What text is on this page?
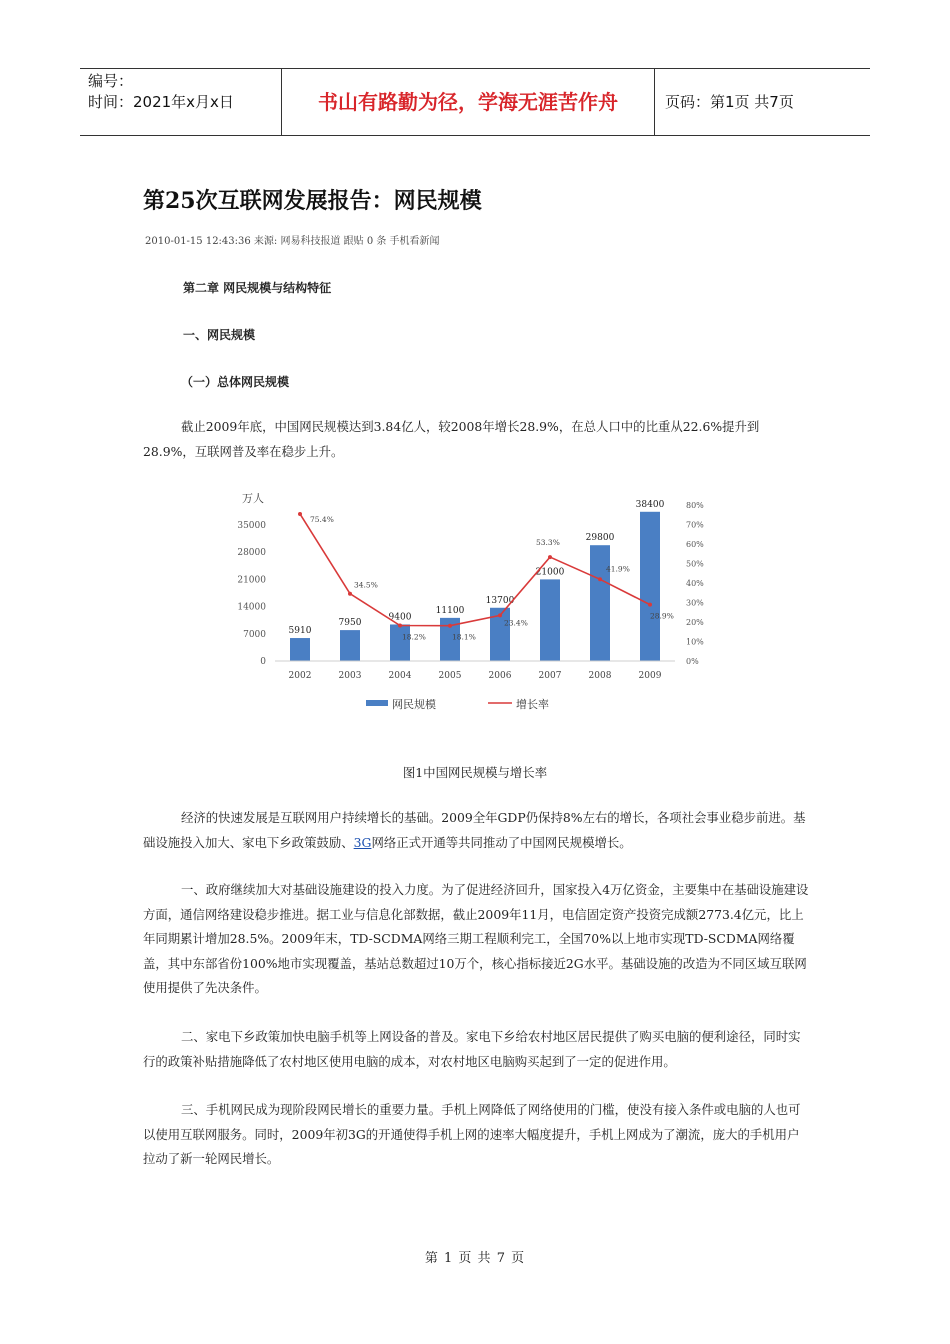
编号：
时间：2021年x月x日	书山有路勤为径，学海无涯苦作舟	页码：第1页 共7页
第25次互联网发展报告：网民规模
2010-01-15 12:43:36 来源: 网易科技报道 跟贴 0 条 手机看新闻
第二章 网民规模与结构特征
一、网民规模
（一）总体网民规模

截止2009年底，中国网民规模达到3.84亿人，较2008年增长28.9%，在总人口中的比重从22.6%提升到28.9%，互联网普及率在稳步上升。

5910
7950
9400
11100
13700
21000
29800
38400
75.4%
34.5%
18.2%	18.1%
23.4%
53.3%
41.9%
28.9%
万人
35000
28000
21000
14000
7000
0
80%
70%
60%
50%
40%
30%
20%
10%
0%
2002	2003	2004	2005	2006	2007	2008	2009
网民规模	增长率
图1中国网民规模与增长率

经济的快速发展是互联网用户持续增长的基础。2009全年GDP仍保持8%左右的增长，各项社会事业稳步前进。基础设施投入加大、家电下乡政策鼓励、3G网络正式开通等共同推动了中国网民规模增长。

一、政府继续加大对基础设施建设的投入力度。为了促进经济回升，国家投入4万亿资金，主要集中在基础设施建设方面，通信网络建设稳步推进。据工业与信息化部数据，截止2009年11月，电信固定资产投资完成额2773.4亿元，比上年同期累计增加28.5%。2009年末，TD-SCDMA网络三期工程顺利完工，全国70%以上地市实现TD-SCDMA网络覆盖，其中东部省份100%地市实现覆盖，基站总数超过10万个，核心指标接近2G水平。基础设施的改造为不同区域互联网使用提供了先决条件。

二、家电下乡政策加快电脑手机等上网设备的普及。家电下乡给农村地区居民提供了购买电脑的便利途径，同时实行的政策补贴措施降低了农村地区使用电脑的成本，对农村地区电脑购买起到了一定的促进作用。

三、手机网民成为现阶段网民增长的重要力量。手机上网降低了网络使用的门槛，使没有接入条件或电脑的人也可以使用互联网服务。同时，2009年初3G的开通使得手机上网的速率大幅度提升，手机上网成为了潮流，庞大的手机用户拉动了新一轮网民增长。

第 1 页 共 7 页
